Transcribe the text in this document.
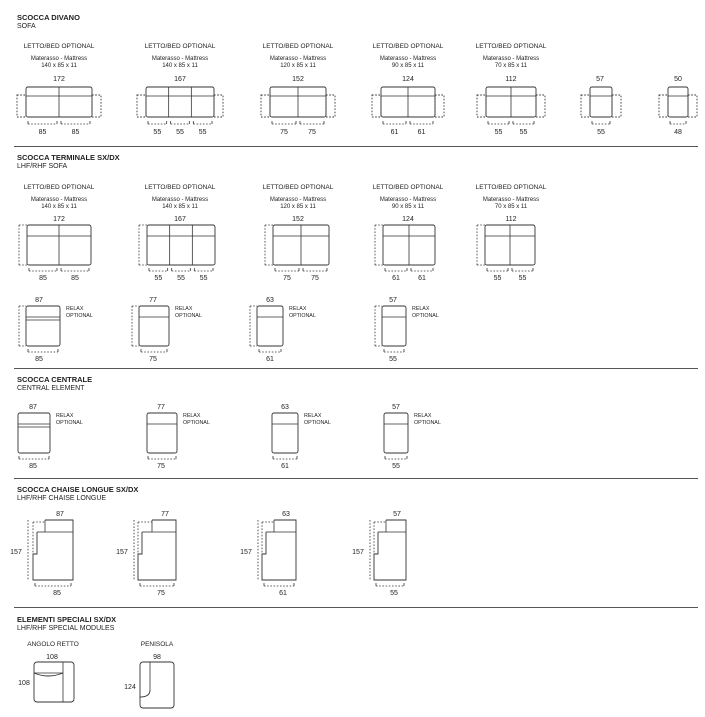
SCOCCA DIVANO
SOFA
SCOCCA TERMINALE SX/DX
LHF/RHF SOFA
SCOCCA CENTRALE
CENTRAL ELEMENT
SCOCCA CHAISE LONGUE SX/DX
LHF/RHF CHAISE LONGUE
ELEMENTI SPECIALI SX/DX
LHF/RHF SPECIAL MODULES
LETTO/BED OPTIONAL
Materasso - Mattress
140 x 85 x 11
172
85	85
LETTO/BED OPTIONAL
Materasso - Mattress
140 x 85 x 11
167
55 55 55
LETTO/BED OPTIONAL
Materasso - Mattress
120 x 85 x 11
152
75	75
LETTO/BED OPTIONAL
Materasso - Mattress
90 x 85 x 11
124
61	61
LETTO/BED OPTIONAL
Materasso - Mattress
70 x 85 x 11
112
55 55
57
55
50
48
LETTO/BED OPTIONAL
Materasso - Mattress
140 x 85 x 11
172
85	85
LETTO/BED OPTIONAL
Materasso - Mattress
140 x 85 x 11
167
55 55 55
LETTO/BED OPTIONAL
Materasso - Mattress
120 x 85 x 11
152
75	75
LETTO/BED OPTIONAL
Materasso - Mattress
90 x 85 x 11
124
61	61
LETTO/BED OPTIONAL
Materasso - Mattress
70 x 85 x 11
112
55 55
87
RELAX
OPTIONAL
85
77
RELAX
OPTIONAL
75
63
RELAX
OPTIONAL
61
57
RELAX
OPTIONAL
55
87
RELAX
OPTIONAL
85
77
RELAX
OPTIONAL
75
63
RELAX
OPTIONAL
61
57
RELAX
OPTIONAL
55
87
157
85
77
157
75
63
157
61
57
157
55
ANGOLO RETTO
108
108
PENISOLA
98
124
